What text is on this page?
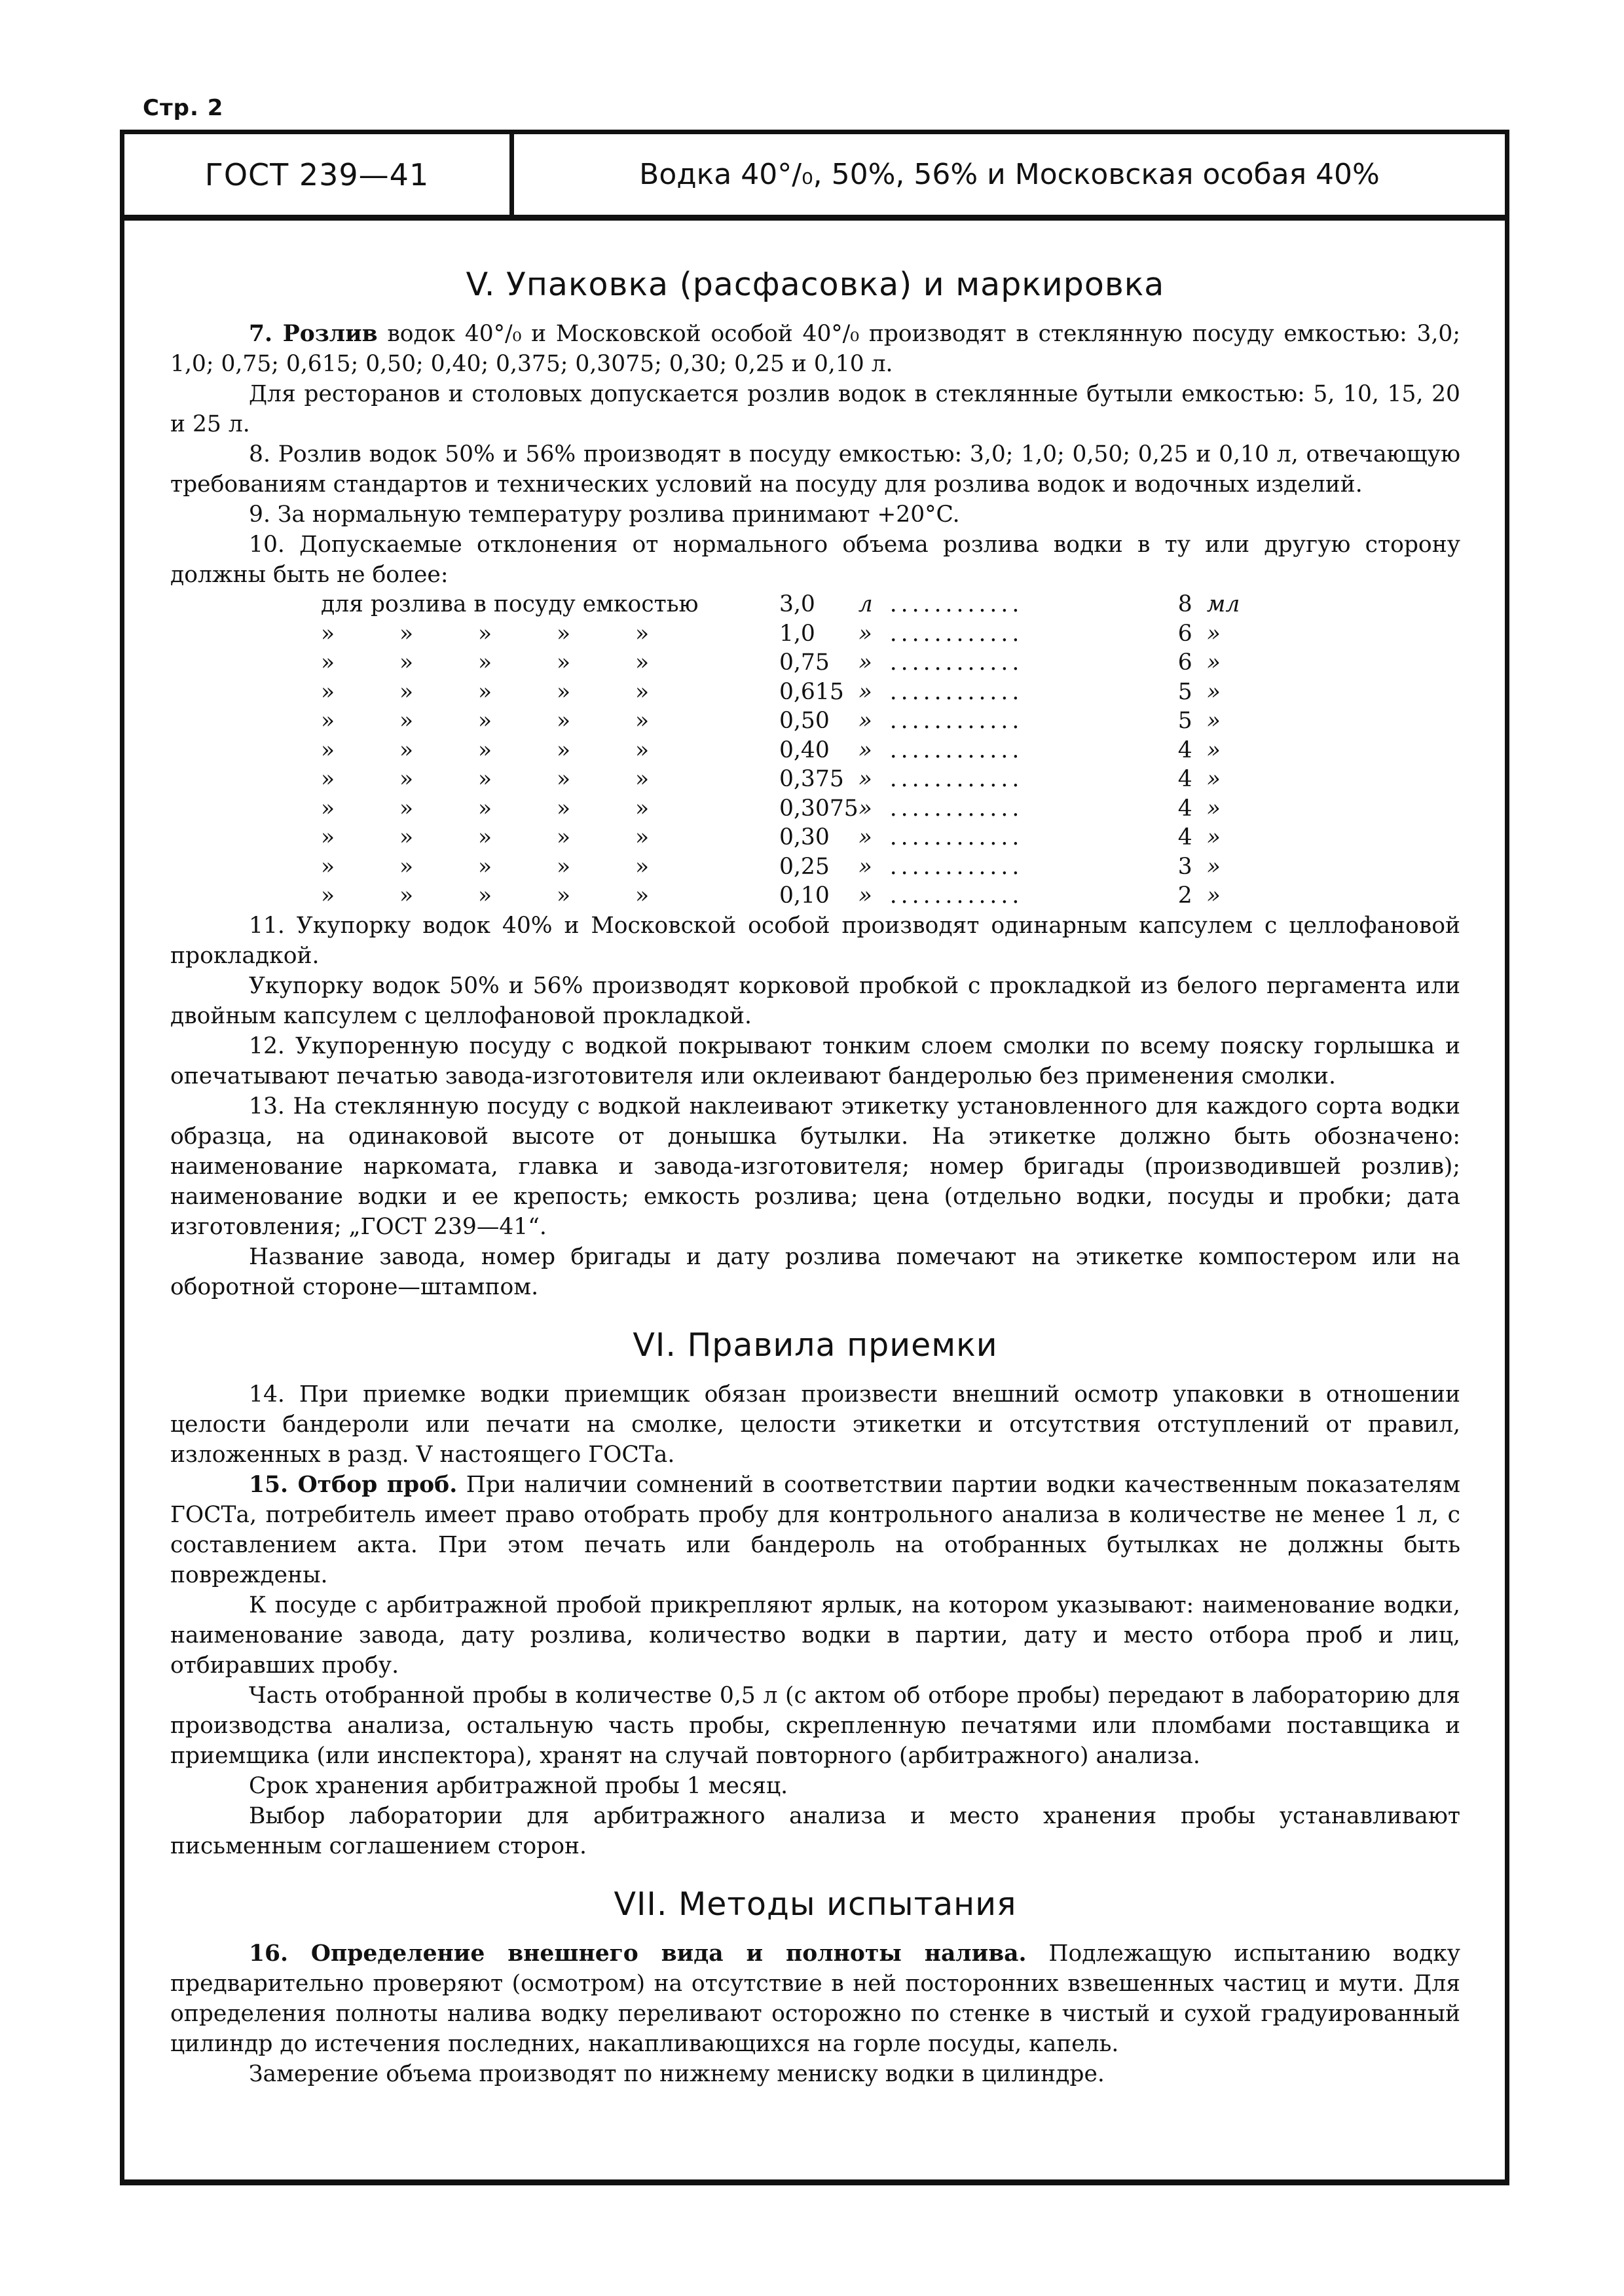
Стр. 2
ГОСТ 239—41	Водка 40°/₀, 50%, 56% и Московская особая 40%
V. Упаковка (расфасовка) и маркировка

7. Розлив водок 40°/₀ и Московской особой 40°/₀ производят в стеклянную посуду емкостью: 3,0; 1,0; 0,75; 0,615; 0,50; 0,40; 0,375; 0,3075; 0,30; 0,25 и 0,10 л.

Для ресторанов и столовых допускается розлив водок в стеклянные бутыли емкостью: 5, 10, 15, 20 и 25 л.

8. Розлив водок 50% и 56% производят в посуду емкостью: 3,0; 1,0; 0,50; 0,25 и 0,10 л, отвечающую требованиям стандартов и технических условий на посуду для розлива водок и водочных изделий.

9. За нормальную температуру розлива принимают +20°C.

10. Допускаемые отклонения от нормального объема розлива водки в ту или другую сторону должны быть не более:

для розлива в посуду емкостью	3,0	л	............	8	мл
» » » » »	1,0	»	............	6	»
» » » » »	0,75	»	............	6	»
» » » » »	0,615	»	............	5	»
» » » » »	0,50	»	............	5	»
» » » » »	0,40	»	............	4	»
» » » » »	0,375	»	............	4	»
» » » » »	0,3075	»	............	4	»
» » » » »	0,30	»	............	4	»
» » » » »	0,25	»	............	3	»
» » » » »	0,10	»	............	2	»

11. Укупорку водок 40% и Московской особой производят одинарным капсулем с целлофановой прокладкой.

Укупорку водок 50% и 56% производят корковой пробкой с прокладкой из белого пергамента или двойным капсулем с целлофановой прокладкой.

12. Укупоренную посуду с водкой покрывают тонким слоем смолки по всему пояску горлышка и опечатывают печатью завода-изготовителя или оклеивают бандеролью без применения смолки.

13. На стеклянную посуду с водкой наклеивают этикетку установленного для каждого сорта водки образца, на одинаковой высоте от донышка бутылки. На этикетке должно быть обозначено: наименование наркомата, главка и завода-изготовителя; номер бригады (производившей розлив); наименование водки и ее крепость; емкость розлива; цена (отдельно водки, посуды и пробки; дата изготовления; „ГОСТ 239—41“.

Название завода, номер бригады и дату розлива помечают на этикетке компостером или на оборотной стороне—штампом.

VI. Правила приемки

14. При приемке водки приемщик обязан произвести внешний осмотр упаковки в отношении целости бандероли или печати на смолке, целости этикетки и отсутствия отступлений от правил, изложенных в разд. V настоящего ГОСТа.

15. Отбор проб. При наличии сомнений в соответствии партии водки качественным показателям ГОСТа, потребитель имеет право отобрать пробу для контрольного анализа в количестве не менее 1 л, с составлением акта. При этом печать или бандероль на отобранных бутылках не должны быть повреждены.

К посуде с арбитражной пробой прикрепляют ярлык, на котором указывают: наименование водки, наименование завода, дату розлива, количество водки в партии, дату и место отбора проб и лиц, отбиравших пробу.

Часть отобранной пробы в количестве 0,5 л (с актом об отборе пробы) передают в лабораторию для производства анализа, остальную часть пробы, скрепленную печатями или пломбами поставщика и приемщика (или инспектора), хранят на случай повторного (арбитражного) анализа.

Срок хранения арбитражной пробы 1 месяц.

Выбор лаборатории для арбитражного анализа и место хранения пробы устанавливают письменным соглашением сторон.

VII. Методы испытания

16. Определение внешнего вида и полноты налива. Подлежащую испытанию водку предварительно проверяют (осмотром) на отсутствие в ней посторонних взвешенных частиц и мути. Для определения полноты налива водку переливают осторожно по стенке в чистый и сухой градуированный цилиндр до истечения последних, накапливающихся на горле посуды, капель.

Замерение объема производят по нижнему мениску водки в цилиндре.
